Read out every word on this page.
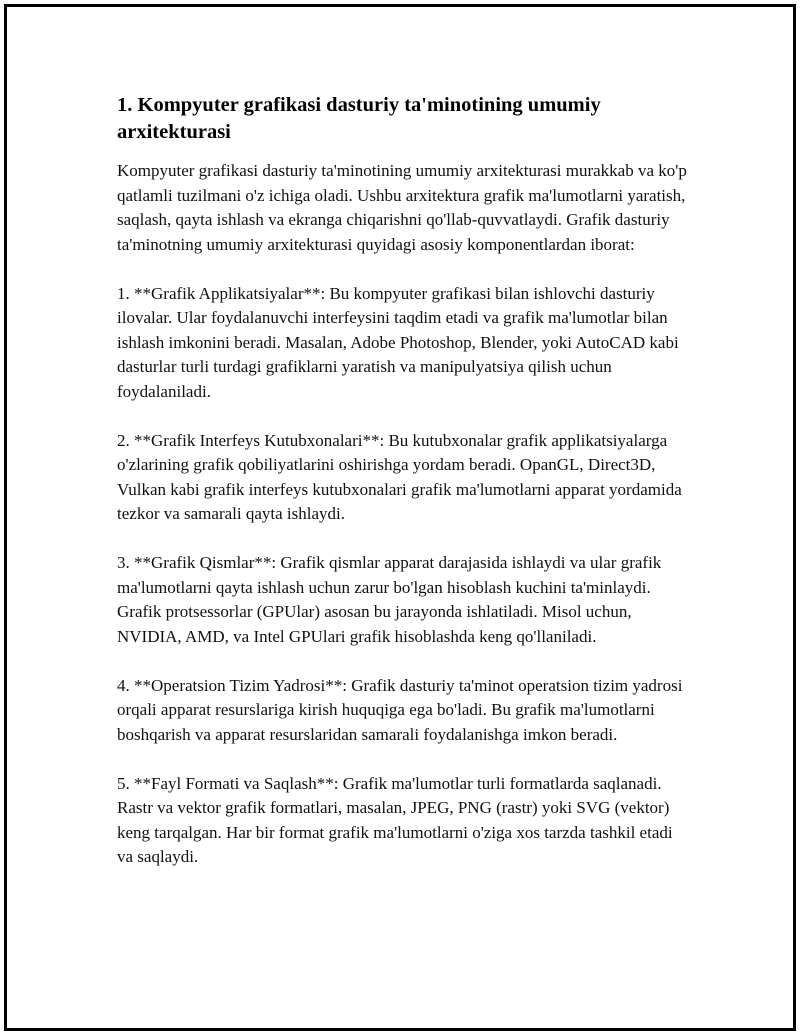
1. Kompyuter grafikasi dasturiy ta'minotining umumiy arxitekturasi

Kompyuter grafikasi dasturiy ta'minotining umumiy arxitekturasi murakkab va ko'p qatlamli tuzilmani o'z ichiga oladi. Ushbu arxitektura grafik ma'lumotlarni yaratish, saqlash, qayta ishlash va ekranga chiqarishni qo'llab-quvvatlaydi. Grafik dasturiy ta'minotning umumiy arxitekturasi quyidagi asosiy komponentlardan iborat:

1. **Grafik Applikatsiyalar**: Bu kompyuter grafikasi bilan ishlovchi dasturiy ilovalar. Ular foydalanuvchi interfeysini taqdim etadi va grafik ma'lumotlar bilan ishlash imkonini beradi. Masalan, Adobe Photoshop, Blender, yoki AutoCAD kabi dasturlar turli turdagi grafiklarni yaratish va manipulyatsiya qilish uchun foydalaniladi.

2. **Grafik Interfeys Kutubxonalari**: Bu kutubxonalar grafik applikatsiyalarga o'zlarining grafik qobiliyatlarini oshirishga yordam beradi. OpanGL, Direct3D, Vulkan kabi grafik interfeys kutubxonalari grafik ma'lumotlarni apparat yordamida tezkor va samarali qayta ishlaydi.

3. **Grafik Qismlar**: Grafik qismlar apparat darajasida ishlaydi va ular grafik ma'lumotlarni qayta ishlash uchun zarur bo'lgan hisoblash kuchini ta'minlaydi. Grafik protsessorlar (GPUlar) asosan bu jarayonda ishlatiladi. Misol uchun, NVIDIA, AMD, va Intel GPUlari grafik hisoblashda keng qo'llaniladi.

4. **Operatsion Tizim Yadrosi**: Grafik dasturiy ta'minot operatsion tizim yadrosi orqali apparat resurslariga kirish huquqiga ega bo'ladi. Bu grafik ma'lumotlarni boshqarish va apparat resurslaridan samarali foydalanishga imkon beradi.

5. **Fayl Formati va Saqlash**: Grafik ma'lumotlar turli formatlarda saqlanadi. Rastr va vektor grafik formatlari, masalan, JPEG, PNG (rastr) yoki SVG (vektor) keng tarqalgan. Har bir format grafik ma'lumotlarni o'ziga xos tarzda tashkil etadi va saqlaydi.
